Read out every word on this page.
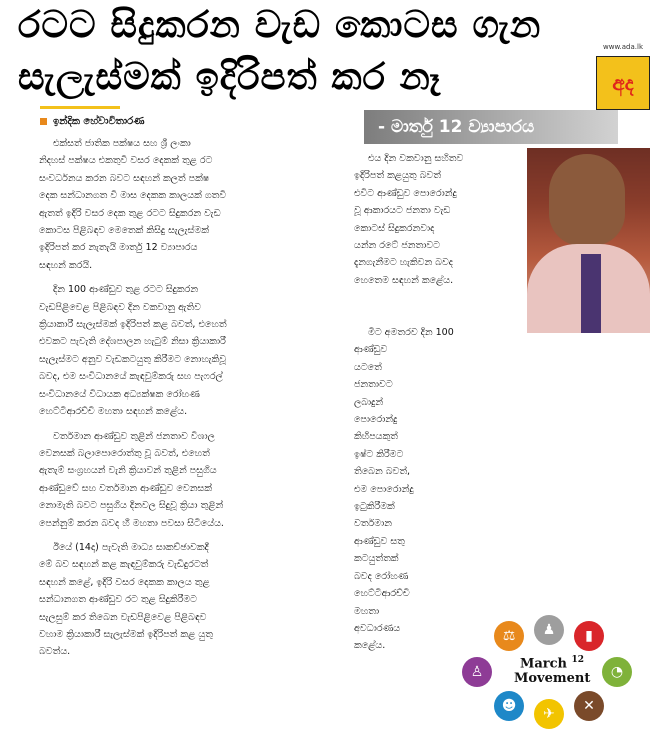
රටට සිදුකරන වැඩ කොටස ගැන
සැලැස්මක් ඉදිරිපත් කර නෑ
www.ada.lk
අද
ඉන්දික හේවාවිතාරණ	- මාර්තු 12 ව්‍යාපාරය

එක්සත් ජාතික පක්ෂය සහ ශ්‍රී ලංකා
නිදහස් පක්ෂය එකතුවී වසර දෙකක් තුළ රට
සංවර්ධනය කරන බවට සඳහන් කලත් පක්ෂ
දෙක සන්ධානගත වී මාස දෙකක කාලයක් ගතවී
ඇතත් ඉදිරි වසර දෙක තුළ රටට සිදුකරන වැඩ
කොටස පිළිබඳව මෙතෙක් කිසිදු සැලැස්මක්
ඉදිරිපත් කර නැතැයි මාර්තු 12 ව්‍යාපාරය
සඳහන් කරයි.

දින 100 ආණ්ඩුව තුළ රටට සිදුකරන
වැඩපිළිවෙළ පිළිබඳව දින වකවානු ඇතිව
ක්‍රියාකාරී සැලැස්මක් ඉදිරිපත් කළ බවත්, එහෙත්
එවකට පැවැති දේශපාලන හැටුම් නිසා ක්‍රියාකාරී
සැලැස්මට අනුව වැඩකටයුතු කිරීමට නොහැකිවූ
බවද, එම සංවිධානයේ කැඳවුම්කරු සහ පැෆරල්
සංවිධානයේ විධායක අධ්‍යක්ෂක රෝහණ
හෙට්ටිආරච්චි මහතා සඳහන් කළේය.

වර්තමාන ආණ්ඩුව තුළින් ජනතාව විශාල
වෙනසක් බලාපොරොත්තු වූ බවත්, එහෙත්
ඇතැම් සංග්‍රහයන් වැනි ක්‍රියාවන් තුළින් පසුගිය
ආණ්ඩුවේ සහ වර්තමාන ආණ්ඩුව වෙනසක්
නොමැති බවට පසුගිය දිනවල සිදුවූ ක්‍රියා තුළින්
පෙන්නුම් කරන බවද හී මහතා පවසා සිටියේය.

ඊයේ (14දා) පැවැති මාධ්‍ය සාකච්ඡාවකදී
මේ බව සඳහන් කළ කැඳවුම්කරු වැඩිදුරටත්
සඳහන් කළේ, ඉදිරි වසර දෙකක කාලය තුළ
සන්ධානගත ආණ්ඩුව රට තුළ සිදුකිරීමට
සැලසුම් කර තිබෙන වැඩපිළිවෙළ පිළිබඳව
වහාම ක්‍රියාකාරී සැලැස්මක් ඉදිරිපත් කළ යුතු
බවත්ය.

එය දින වකවානු සහිතව
ඉදිරිපත් කළයුතු බවත්
එවිට ආණ්ඩුව පොරොන්දු
වූ ආකාරයට ජනතා වැඩ
කොටස් සිදුකරනවාද
යන්න රටේ ජනතාවට
දැනගැනීමට හැකිවන බවද
හෙතෙම සඳහන් කළේය.

මීට අමතරව දින 100
ආණ්ඩුව
යටතේ
ජනතාවට
ලබාදුන්
පොරොන්දු
කිහිපයකුත්
ඉෂ්ට කිරීමට
තිබෙන බවත්,
එම පොරොන්දු
ඉටුකිරීමක්
වර්තමාන
ආණ්ඩුව සතු
කටයුත්තක්
බවද රෝහණ
හෙට්ටිආරච්චි
මහතා
අවධාරණය
කළේය.

⚖	♟	▮
◔
✕
✈
☻
♙
March $^{12}$
Movement
